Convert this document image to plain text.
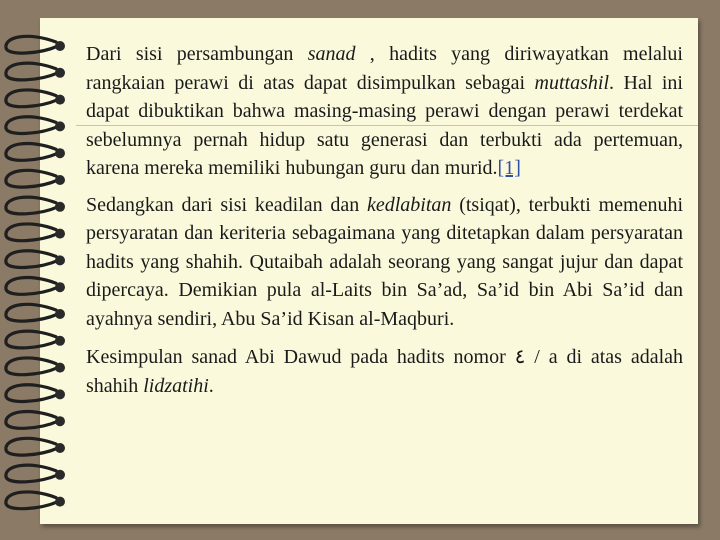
Dari sisi persambungan sanad , hadits yang diriwayatkan melalui rangkaian perawi di atas dapat disimpulkan sebagai muttashil. Hal ini dapat dibuktikan bahwa masing-masing perawi dengan perawi terdekat sebelumnya pernah hidup satu generasi dan terbukti ada pertemuan, karena mereka memiliki hubungan guru dan murid.[1]

Sedangkan dari sisi keadilan dan kedlabitan (tsiqat), terbukti memenuhi persyaratan dan keriteria sebagaimana yang ditetapkan dalam persyaratan hadits yang shahih. Qutaibah adalah seorang yang sangat jujur dan dapat dipercaya. Demikian pula al-Laits bin Sa’ad, Sa’id bin Abi Sa’id dan ayahnya sendiri, Abu Sa’id Kisan al-Maqburi.

Kesimpulan sanad Abi Dawud pada hadits nomor ٤ / a di atas adalah shahih lidzatihi.
